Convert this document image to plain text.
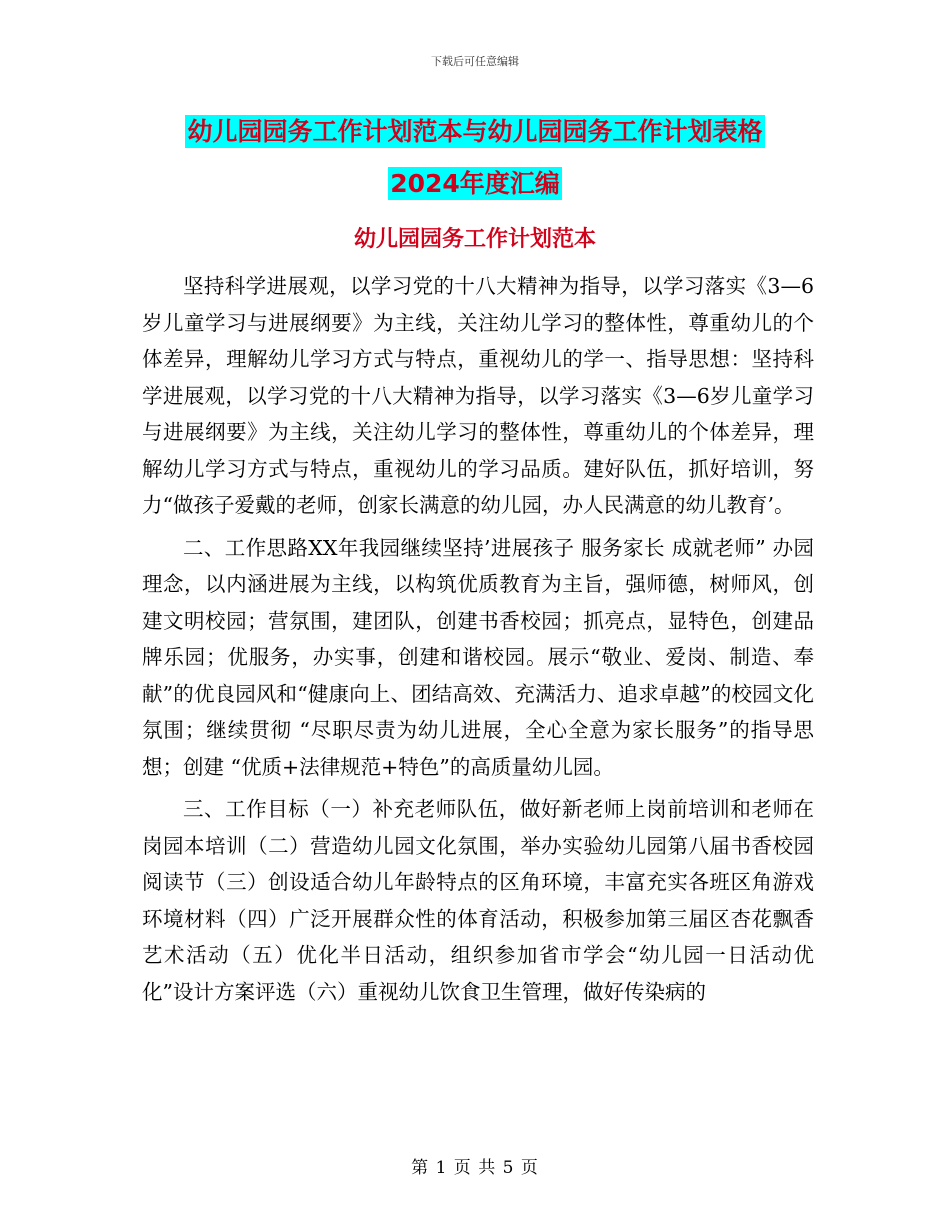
下载后可任意编辑
幼儿园园务工作计划范本与幼儿园园务工作计划表格
2024年度汇编
幼儿园园务工作计划范本

坚持科学进展观，以学习党的十八大精神为指导，以学习落实《3—6岁儿童学习与进展纲要》为主线，关注幼儿学习的整体性，尊重幼儿的个体差异，理解幼儿学习方式与特点，重视幼儿的学一、指导思想：坚持科学进展观，以学习党的十八大精神为指导，以学习落实《3—6岁儿童学习与进展纲要》为主线，关注幼儿学习的整体性，尊重幼儿的个体差异，理解幼儿学习方式与特点，重视幼儿的学习品质。建好队伍，抓好培训，努力“做孩子爱戴的老师，创家长满意的幼儿园，办人民满意的幼儿教育’。

二、工作思路XX年我园继续坚持’进展孩子 服务家长 成就老师” 办园理念，以内涵进展为主线，以构筑优质教育为主旨，强师德，树师风，创建文明校园；营氛围，建团队，创建书香校园；抓亮点，显特色，创建品牌乐园；优服务，办实事，创建和谐校园。展示“敬业、爱岗、制造、奉献”的优良园风和“健康向上、团结高效、充满活力、追求卓越”的校园文化氛围；继续贯彻 “尽职尽责为幼儿进展，全心全意为家长服务”的指导思想；创建 “优质+法律规范+特色”的高质量幼儿园。

三、工作目标（一）补充老师队伍，做好新老师上岗前培训和老师在岗园本培训（二）营造幼儿园文化氛围，举办实验幼儿园第八届书香校园阅读节（三）创设适合幼儿年龄特点的区角环境，丰富充实各班区角游戏环境材料（四）广泛开展群众性的体育活动，积极参加第三届区杏花飘香艺术活动（五）优化半日活动，组织参加省市学会“幼儿园一日活动优化”设计方案评选（六）重视幼儿饮食卫生管理，做好传染病的

第 1 页 共 5 页
